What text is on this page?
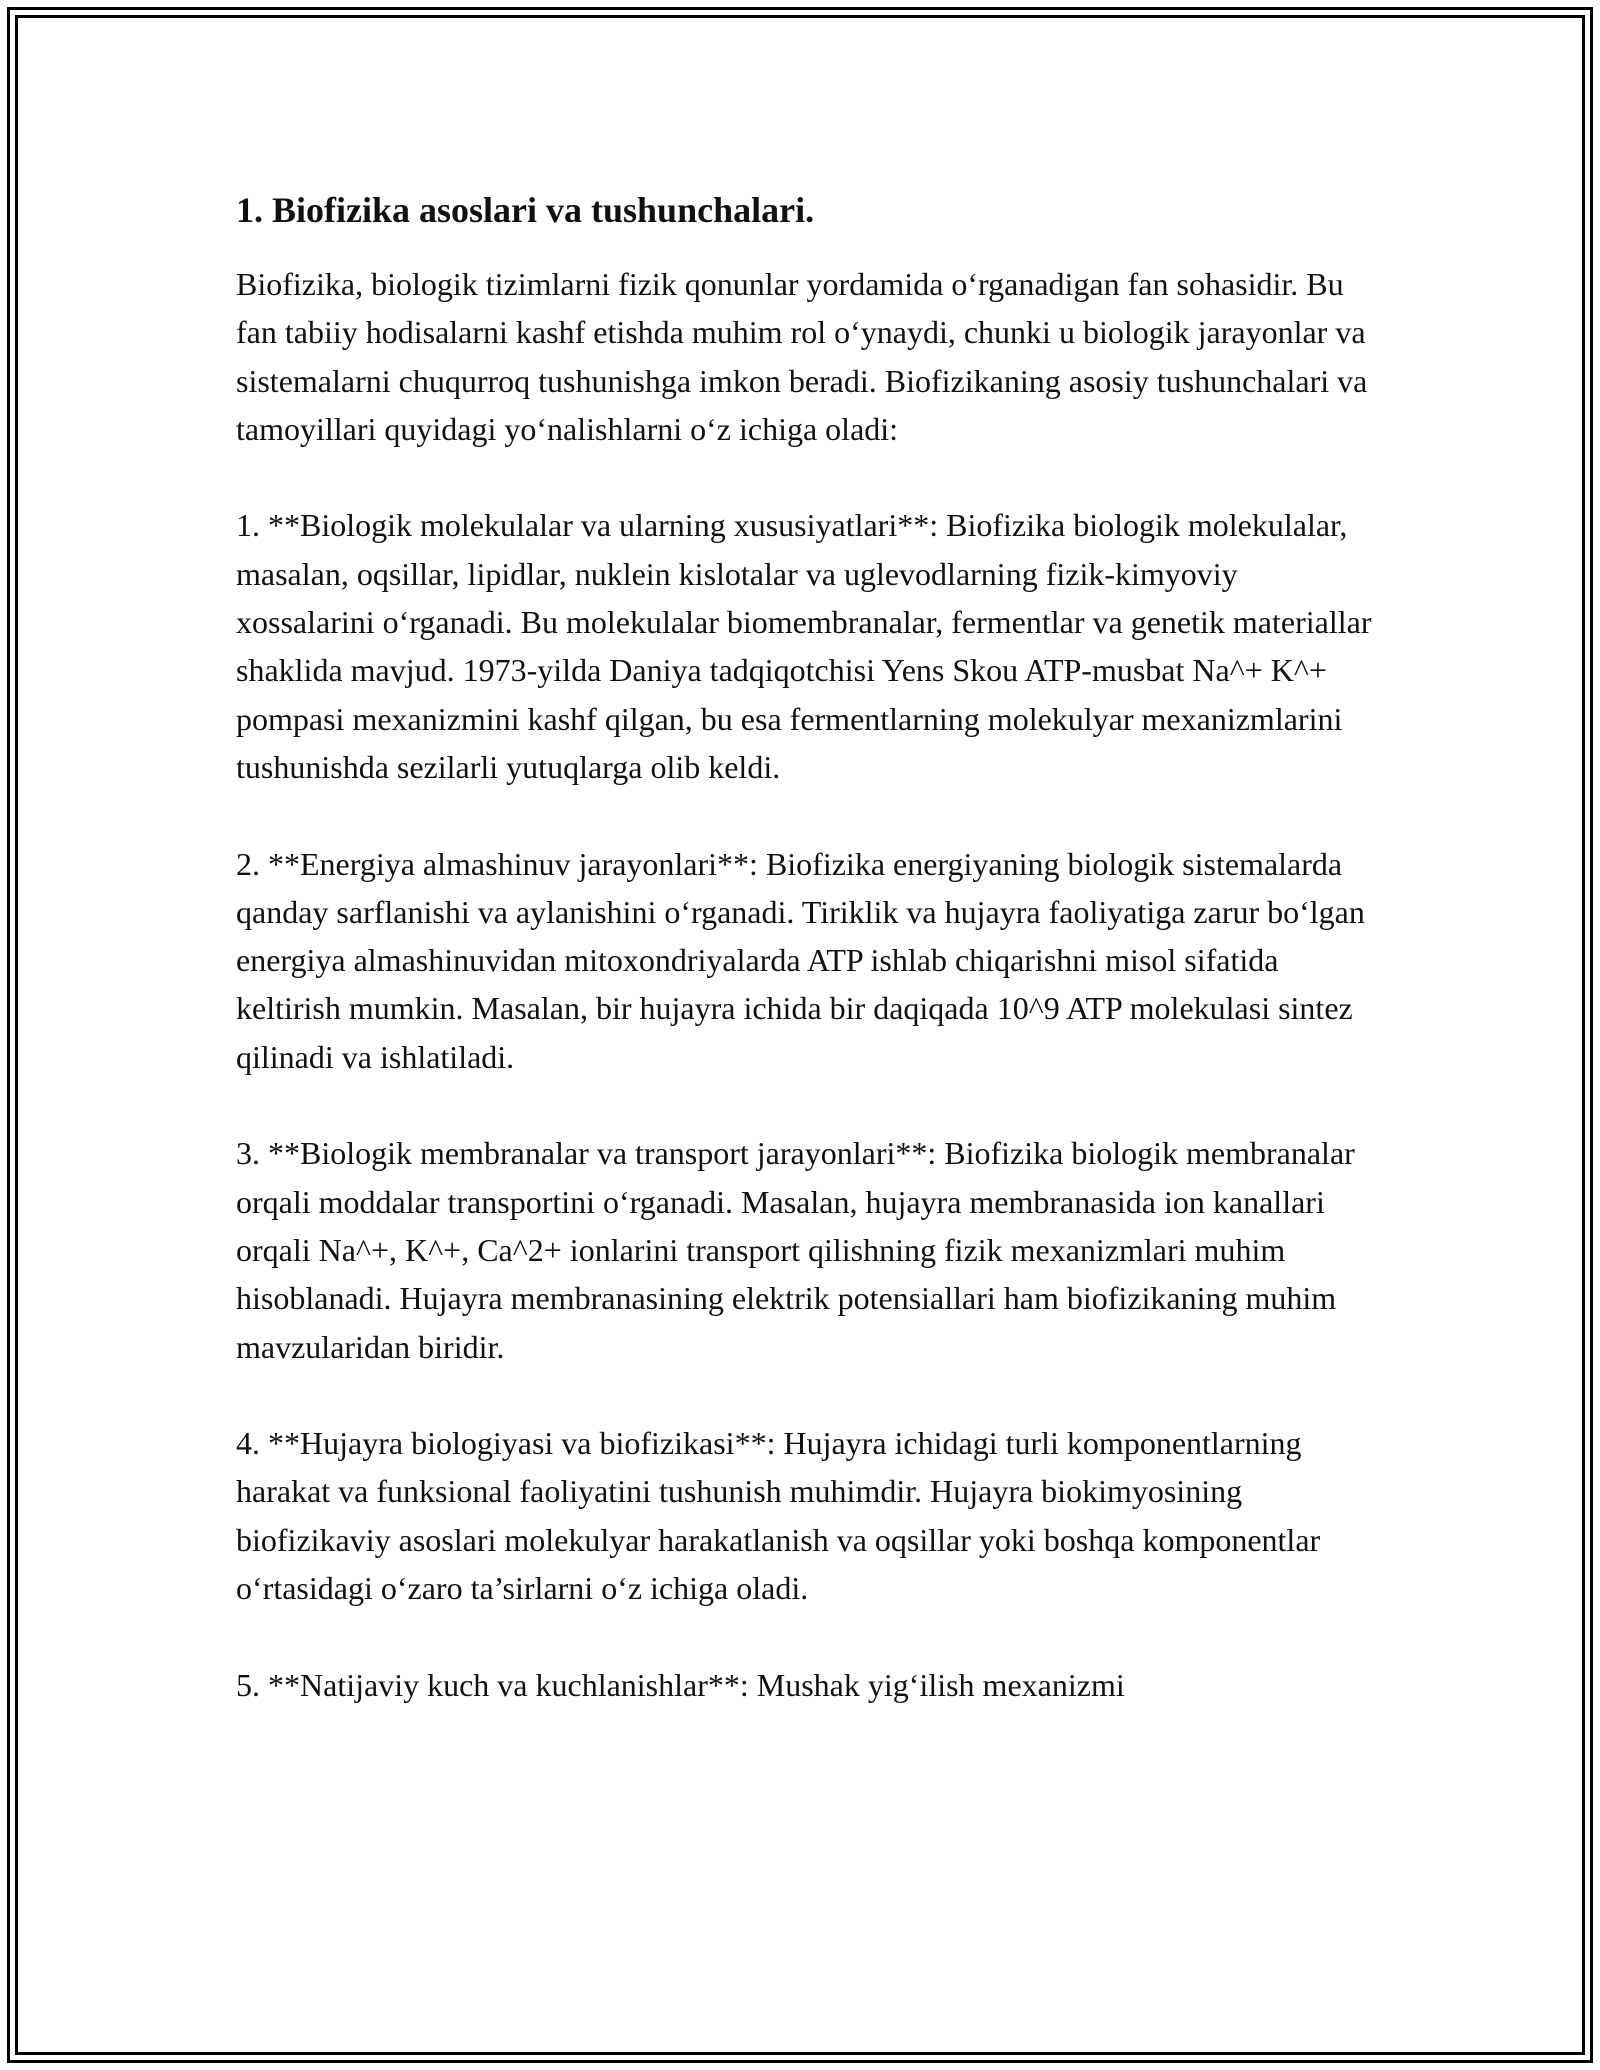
1. Biofizika asoslari va tushunchalari.

Biofizika, biologik tizimlarni fizik qonunlar yordamida o‘rganadigan fan sohasidir. Bu fan tabiiy hodisalarni kashf etishda muhim rol o‘ynaydi, chunki u biologik jarayonlar va sistemalarni chuqurroq tushunishga imkon beradi. Biofizikaning asosiy tushunchalari va tamoyillari quyidagi yo‘nalishlarni o‘z ichiga oladi:

1. **Biologik molekulalar va ularning xususiyatlari**: Biofizika biologik molekulalar, masalan, oqsillar, lipidlar, nuklein kislotalar va uglevodlarning fizik-kimyoviy xossalarini o‘rganadi. Bu molekulalar biomembranalar, fermentlar va genetik materiallar shaklida mavjud. 1973-yilda Daniya tadqiqotchisi Yens Skou ATP-musbat Na^+ K^+ pompasi mexanizmini kashf qilgan, bu esa fermentlarning molekulyar mexanizmlarini tushunishda sezilarli yutuqlarga olib keldi.

2. **Energiya almashinuv jarayonlari**: Biofizika energiyaning biologik sistemalarda qanday sarflanishi va aylanishini o‘rganadi. Tiriklik va hujayra faoliyatiga zarur bo‘lgan energiya almashinuvidan mitoxondriyalarda ATP ishlab chiqarishni misol sifatida keltirish mumkin. Masalan, bir hujayra ichida bir daqiqada 10^9 ATP molekulasi sintez qilinadi va ishlatiladi.

3. **Biologik membranalar va transport jarayonlari**: Biofizika biologik membranalar orqali moddalar transportini o‘rganadi. Masalan, hujayra membranasida ion kanallari orqali Na^+, K^+, Ca^2+ ionlarini transport qilishning fizik mexanizmlari muhim hisoblanadi. Hujayra membranasining elektrik potensiallari ham biofizikaning muhim mavzularidan biridir.

4. **Hujayra biologiyasi va biofizikasi**: Hujayra ichidagi turli komponentlarning harakat va funksional faoliyatini tushunish muhimdir. Hujayra biokimyosining biofizikaviy asoslari molekulyar harakatlanish va oqsillar yoki boshqa komponentlar o‘rtasidagi o‘zaro ta’sirlarni o‘z ichiga oladi.

5. **Natijaviy kuch va kuchlanishlar**: Mushak yig‘ilish mexanizmi
